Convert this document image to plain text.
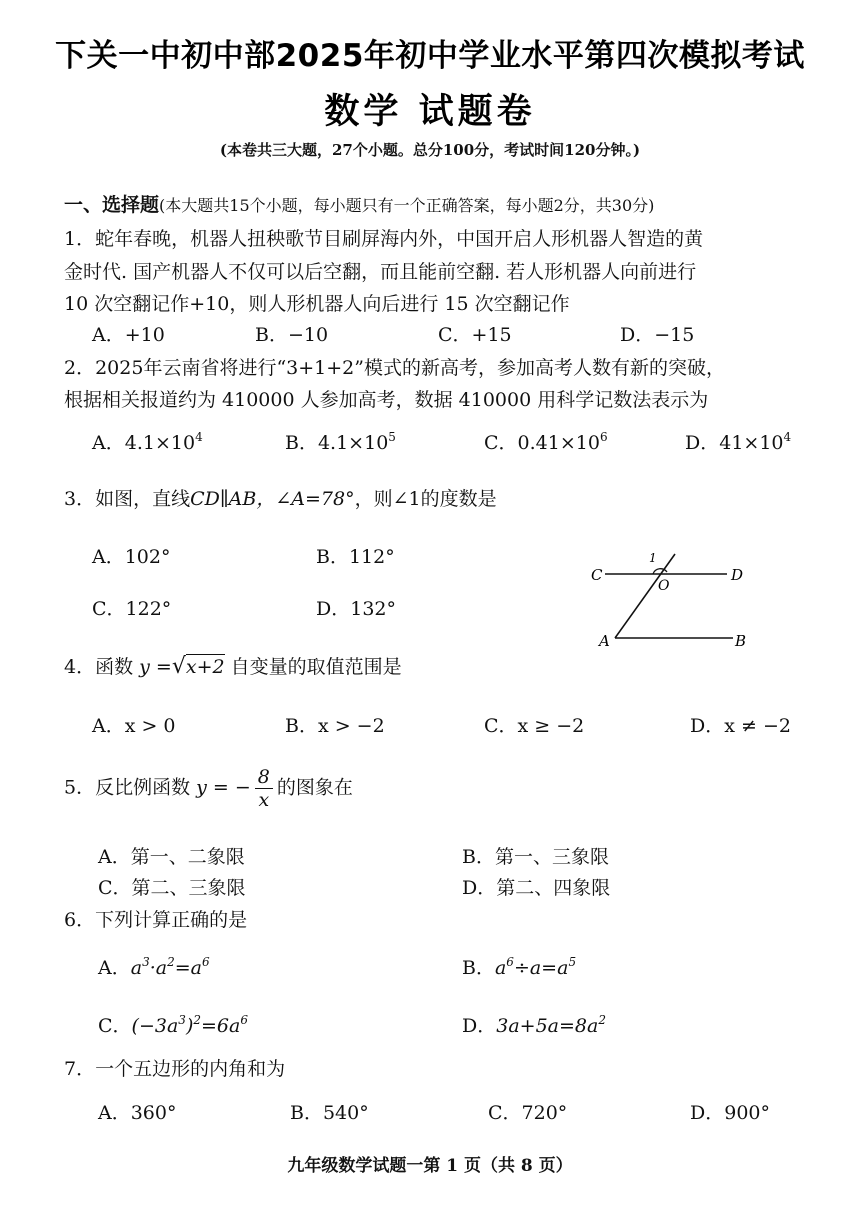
下关一中初中部2025年初中学业水平第四次模拟考试
数学 试题卷
(本卷共三大题，27个小题。总分100分，考试时间120分钟。)
一、选择题(本大题共15个小题，每小题只有一个正确答案，每小题2分，共30分)
1．蛇年春晚，机器人扭秧歌节目刷屏海内外，中国开启人形机器人智造的黄
金时代. 国产机器人不仅可以后空翻，而且能前空翻. 若人形机器人向前进行
10 次空翻记作+10，则人形机器人向后进行 15 次空翻记作
A．+10	B．−10	C．+15	D．−15
2．2025年云南省将进行“3+1+2”模式的新高考，参加高考人数有新的突破，
根据相关报道约为 410000 人参加高考，数据 410000 用科学记数法表示为
A．$4.1\times 10^4$	B．$4.1\times 10^5$	C．$0.41\times 10^6$	D．$41\times 10^4$
3．如图，直线CD∥AB，∠A=78°，则∠1的度数是
A．102°	B．112°
C．122°	D．132°
C	D
A	B
O
1
4．函数 y =√x+2 自变量的取值范围是
A．x > 0	B．x > −2	C．x ≥ −2	D．x ≠ −2
5．反比例函数 y = − $\frac{8}{x}$ 的图象在
A．第一、二象限	B．第一、三象限
C．第二、三象限	D．第二、四象限
6．下列计算正确的是
A．$a^3\cdot a^2=a^6$	B．$a^6\div a=a^5$
C．$(-3a^3)^2=6a^6$	D．$3a+5a=8a^2$
7．一个五边形的内角和为
A．360°	B．540°	C．720°	D．900°
九年级数学试题一第 1 页（共 8 页）
